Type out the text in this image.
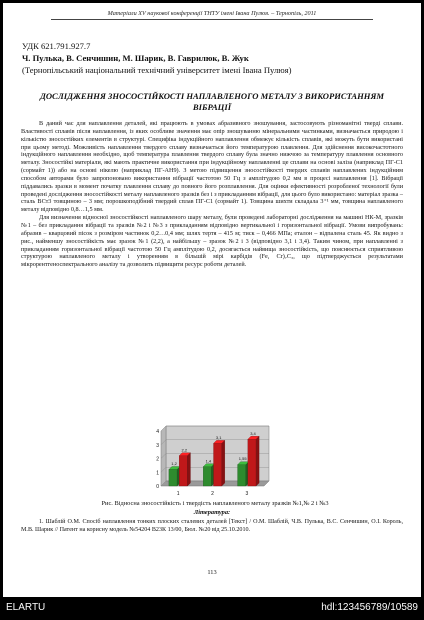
Матеріали XV наукової конференції ТНТУ імені Івана Пулюя. – Тернопіль, 2011
УДК 621.791.927.7
Ч. Пулька, В. Сенчишин, М. Шарик, В. Гаврилюк, В. Жук
(Тернопільський національний технічний університет імені Івана Пулюя)
ДОСЛІДЖЕННЯ ЗНОСОСТІЙКОСТІ НАПЛАВЛЕНОГО МЕТАЛУ З ВИКОРИСТАННЯМ ВІБРАЦІЇ

В даний час для наплавлення деталей, які працюють в умовах абразивного зношування, застосовують різноманітні тверді сплави. Властивості сплавів після наплавлення, із яких особливе значення має опір зношуванню мінеральними частинками, визначається природою і кількістю зносостійких елементів в структурі. Специфіка індукційного наплавлення обмежує кількість сплавів, які можуть бути використані при цьому методі. Можливість наплавлення твердого сплаву визначається його температурою плавлення. Для здійснення високочастотного індукційного наплавлення необхідно, щоб температура плавлення твердого сплаву була значно нижчою за температуру плавлення основного металу. Зносостійкі матеріали, які мають практичне використання при індукційному наплавленні це сплави на основі заліза (наприклад ПГ-С1 (сормайт 1)) або на основі нікелю (наприклад ПГ-АН9). З метою підвищення зносостійкості твердих сплавів наплавлених індукційним способом авторами було запропоновано використання вібрації частотою 50 Гц з амплітудою 0,2 мм в процесі наплавлення [1]. Вібрації піддавались зразки в момент початку плавлення сплаву до повного його розплавлення. Для оцінки ефективності розробленої технології були проведені дослідження зносостійкості металу наплавленого зразків без і з прикладанням вібрації, для цього було використано: матеріал зразка – сталь ВСт3 товщиною – 3 мм; порошкоподібний твердий сплав ПГ-С1 (сормайт 1). Товщина шихти складала 3⁺¹ мм, товщина наплавленого металу відповідно 0,8…1,5 мм.

Для визначення відносної зносостійкості наплавленого шару металу, були проведені лабораторні дослідження на машині НК-М, зразків №1 – без прикладання вібрації та зразків №2 і №3 з прикладанням відповідно вертикальної і горизонтальної вібрації. Умови випробувань: абразив – кварцовий пісок з розміром частинок 0,2…0,4 мм; шлях тертя – 415 м; тиск – 0,466 МПа; еталон – відпалена сталь 45. Як видно з рис., найменшу зносостійкість має зразок №1 (2,2), а найбільшу – зразок №2 і 3 (відповідно 3,1 і 3,4). Таким чином, при наплавленні з прикладанням горизонтальної вібрації частотою 50 Гц амплітудою 0,2, досягається найвища зносостійкість, що пояснюється сприятливою структурою наплавленого металу і утворенням в більшій мірі карбідів (Fe, Cr)₇C₃, що підтверджується результатами мікрорентгеноспектрального аналізу та дозволить підвищити ресурс роботи деталей.

0
1
2
3
4
1,2
2,2
1
1,4
3,1
2
1,55
3,4
3
Рис. Відносна зносостійкість і твердість наплавленого металу зразків №1,№ 2 і №3
Література:

1. Шаблій О.М. Спосіб наплавлення тонких плоских сталевих деталей [Текст] / О.М. Шаблій, Ч.В. Пулька, В.С. Сенчишин, О.І. Король, М.В. Шарик // Патент на корисну модель №54204 В23К 13/00, Бюл. №20 від 25.10.2010.

113
ELARTU	hdl:123456789/10589
